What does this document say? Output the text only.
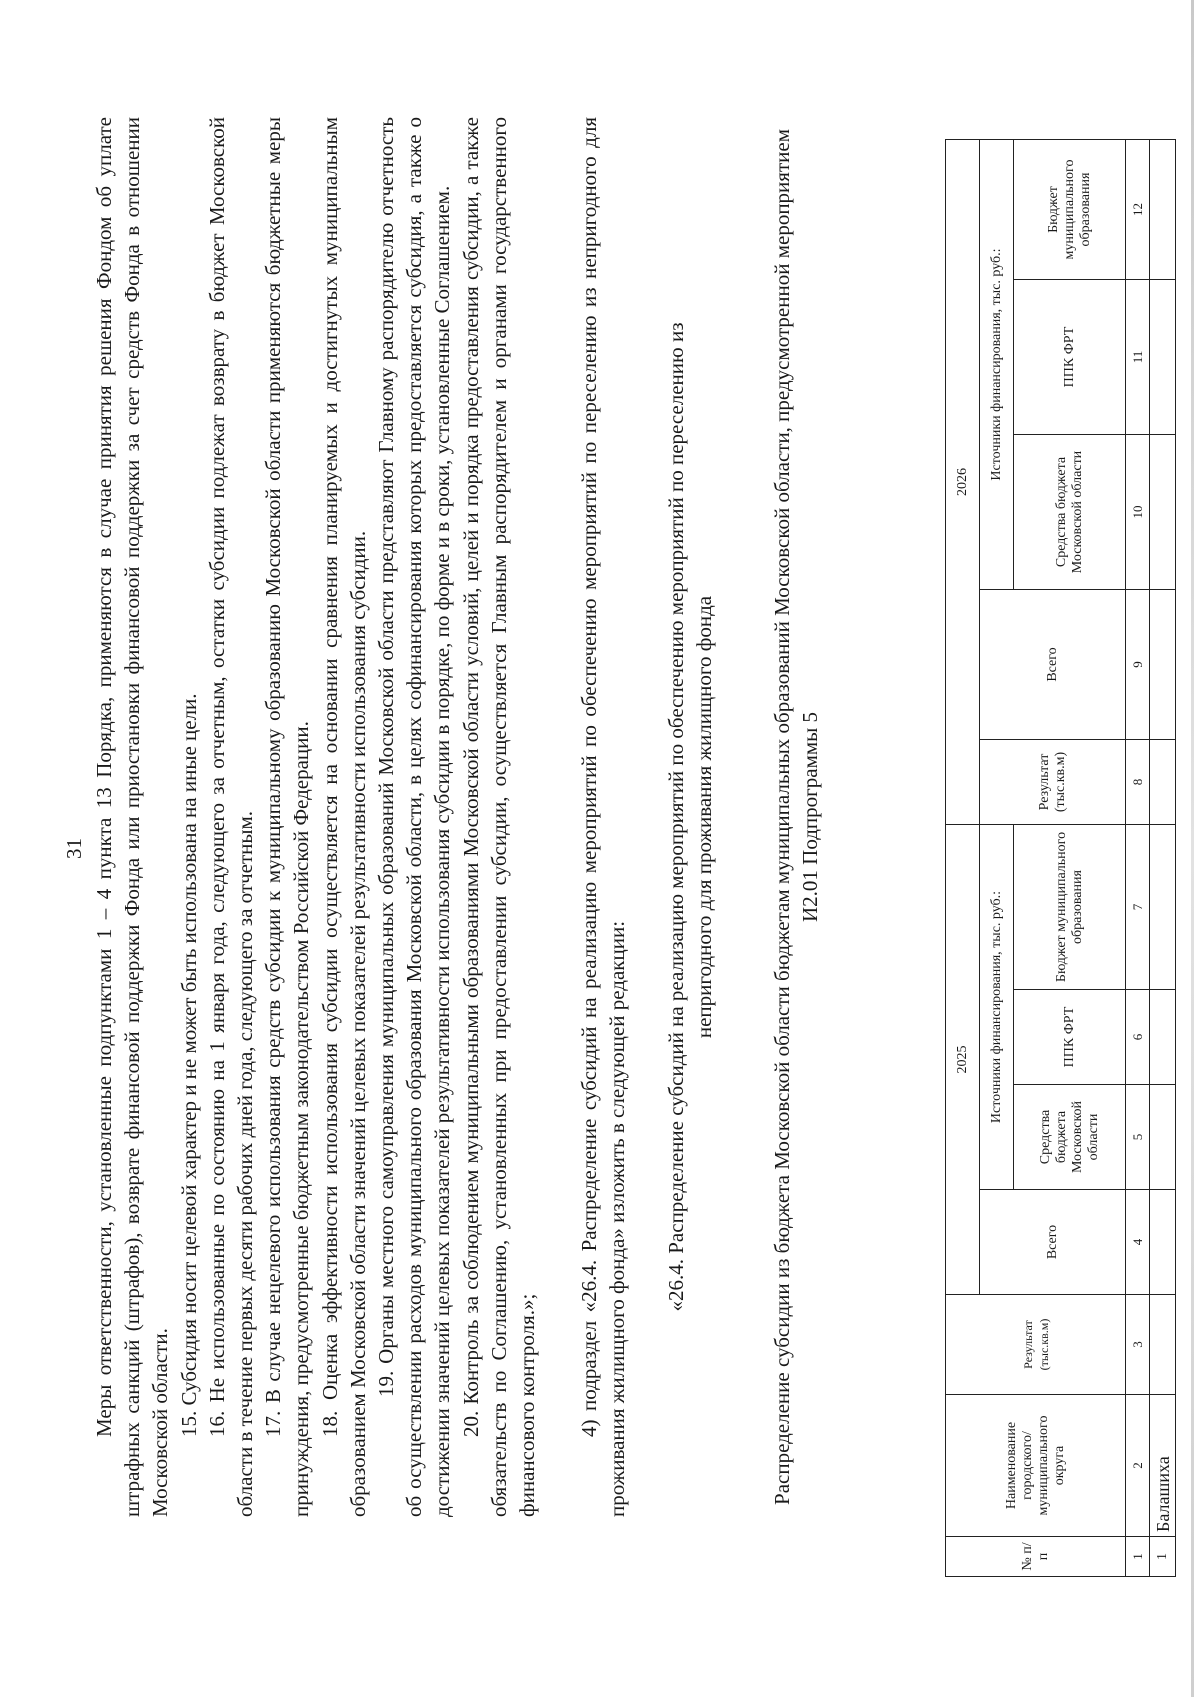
31 Меры ответственности, установленные подпунктами 1 – 4 пункта 13 Порядка, применяются в случае принятия решения Фондом об уплате штрафных санкций (штрафов), возврате финансовой поддержки Фонда или приостановки финансовой поддержки за счет средств Фонда в отношении Московской области. 15. Субсидия носит целевой характер и не может быть использована на иные цели. 16. Не использованные по состоянию на 1 января года, следующего за отчетным, остатки субсидии подлежат возврату в бюджет Московской области в течение первых десяти рабочих дней года, следующего за отчетным. 17. В случае нецелевого использования средств субсидии к муниципальному образованию Московской области применяются бюджетные меры принуждения, предусмотренные бюджетным законодательством Российской Федерации. 18. Оценка эффективности использования субсидии осуществляется на основании сравнения планируемых и достигнутых муниципальным образованием Московской области значений целевых показателей результативности использования субсидии. 19. Органы местного самоуправления муниципальных образований Московской области представляют Главному распорядителю отчетность об осуществлении расходов муниципального образования Московской области, в целях софинансирования которых предоставляется субсидия, а также о достижении значений целевых показателей результативности использования субсидии в порядке, по форме и в сроки, установленные Соглашением. 20. Контроль за соблюдением муниципальными образованиями Московской области условий, целей и порядка предоставления субсидии, а также обязательств по Соглашению, установленных при предоставлении субсидии, осуществляется Главным распорядителем и органами государственного финансового контроля.»; 4) подраздел «26.4. Распределение субсидий на реализацию мероприятий по обеспечению мероприятий по переселению из непригодного для проживания жилищного фонда» изложить в следующей редакции: «26.4. Распределение субсидий на реализацию мероприятий по обеспечению мероприятий по переселению из непригодного для проживания жилищного фонда	Распределение субсидии из бюджета Московской области бюджетам муниципальных образований Московской области, предусмотренной мероприятием И2.01 Подпрограммы 5

№ п/п	Наименование городского/муниципального округа	Результат (тыс.кв.м)	2025				2026				
			Всего	Источники финансирования, тыс. руб.:			Результат (тыс.кв.м)	Всего	Источники финансирования, тыс. руб.:		
				Средства бюджета Московской области	ППК ФРТ	Бюджет муниципального образования			Средства бюджета Московской области	ППК ФРТ	Бюджет муниципального образования
1	2	3	4	5	6	7	8	9	10	11	12
1	Балашиха										
